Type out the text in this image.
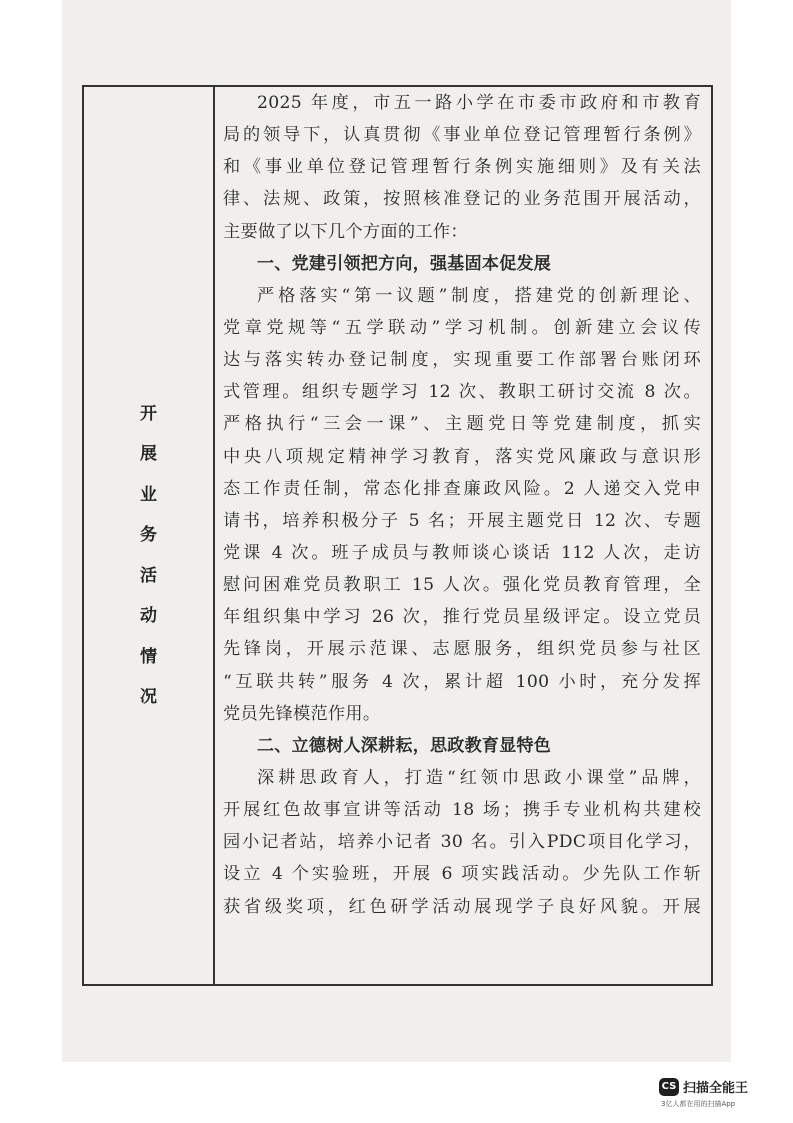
开
展
业
务
活
动
情
况
2025 年度，市五一路小学在市委市政府和市教育
局的领导下，认真贯彻《事业单位登记管理暂行条例》
和《事业单位登记管理暂行条例实施细则》及有关法
律、法规、政策，按照核准登记的业务范围开展活动，
主要做了以下几个方面的工作：
一、党建引领把方向，强基固本促发展
严格落实“第一议题”制度，搭建党的创新理论、
党章党规等“五学联动”学习机制。创新建立会议传
达与落实转办登记制度，实现重要工作部署台账闭环
式管理。组织专题学习 12 次、教职工研讨交流 8 次。
严格执行“三会一课”、主题党日等党建制度，抓实
中央八项规定精神学习教育，落实党风廉政与意识形
态工作责任制，常态化排查廉政风险。2 人递交入党申
请书，培养积极分子 5 名；开展主题党日 12 次、专题
党课 4 次。班子成员与教师谈心谈话 112 人次，走访
慰问困难党员教职工 15 人次。强化党员教育管理，全
年组织集中学习 26 次，推行党员星级评定。设立党员
先锋岗，开展示范课、志愿服务，组织党员参与社区
“互联共转”服务 4 次，累计超 100 小时，充分发挥
党员先锋模范作用。
二、立德树人深耕耘，思政教育显特色
深耕思政育人，打造“红领巾思政小课堂”品牌，
开展红色故事宣讲等活动 18 场；携手专业机构共建校
园小记者站，培养小记者 30 名。引入PDC项目化学习，
设立 4 个实验班，开展 6 项实践活动。少先队工作斩
获省级奖项，红色研学活动展现学子良好风貌。开展
CS 扫描全能王
3亿人都在用的扫描App
